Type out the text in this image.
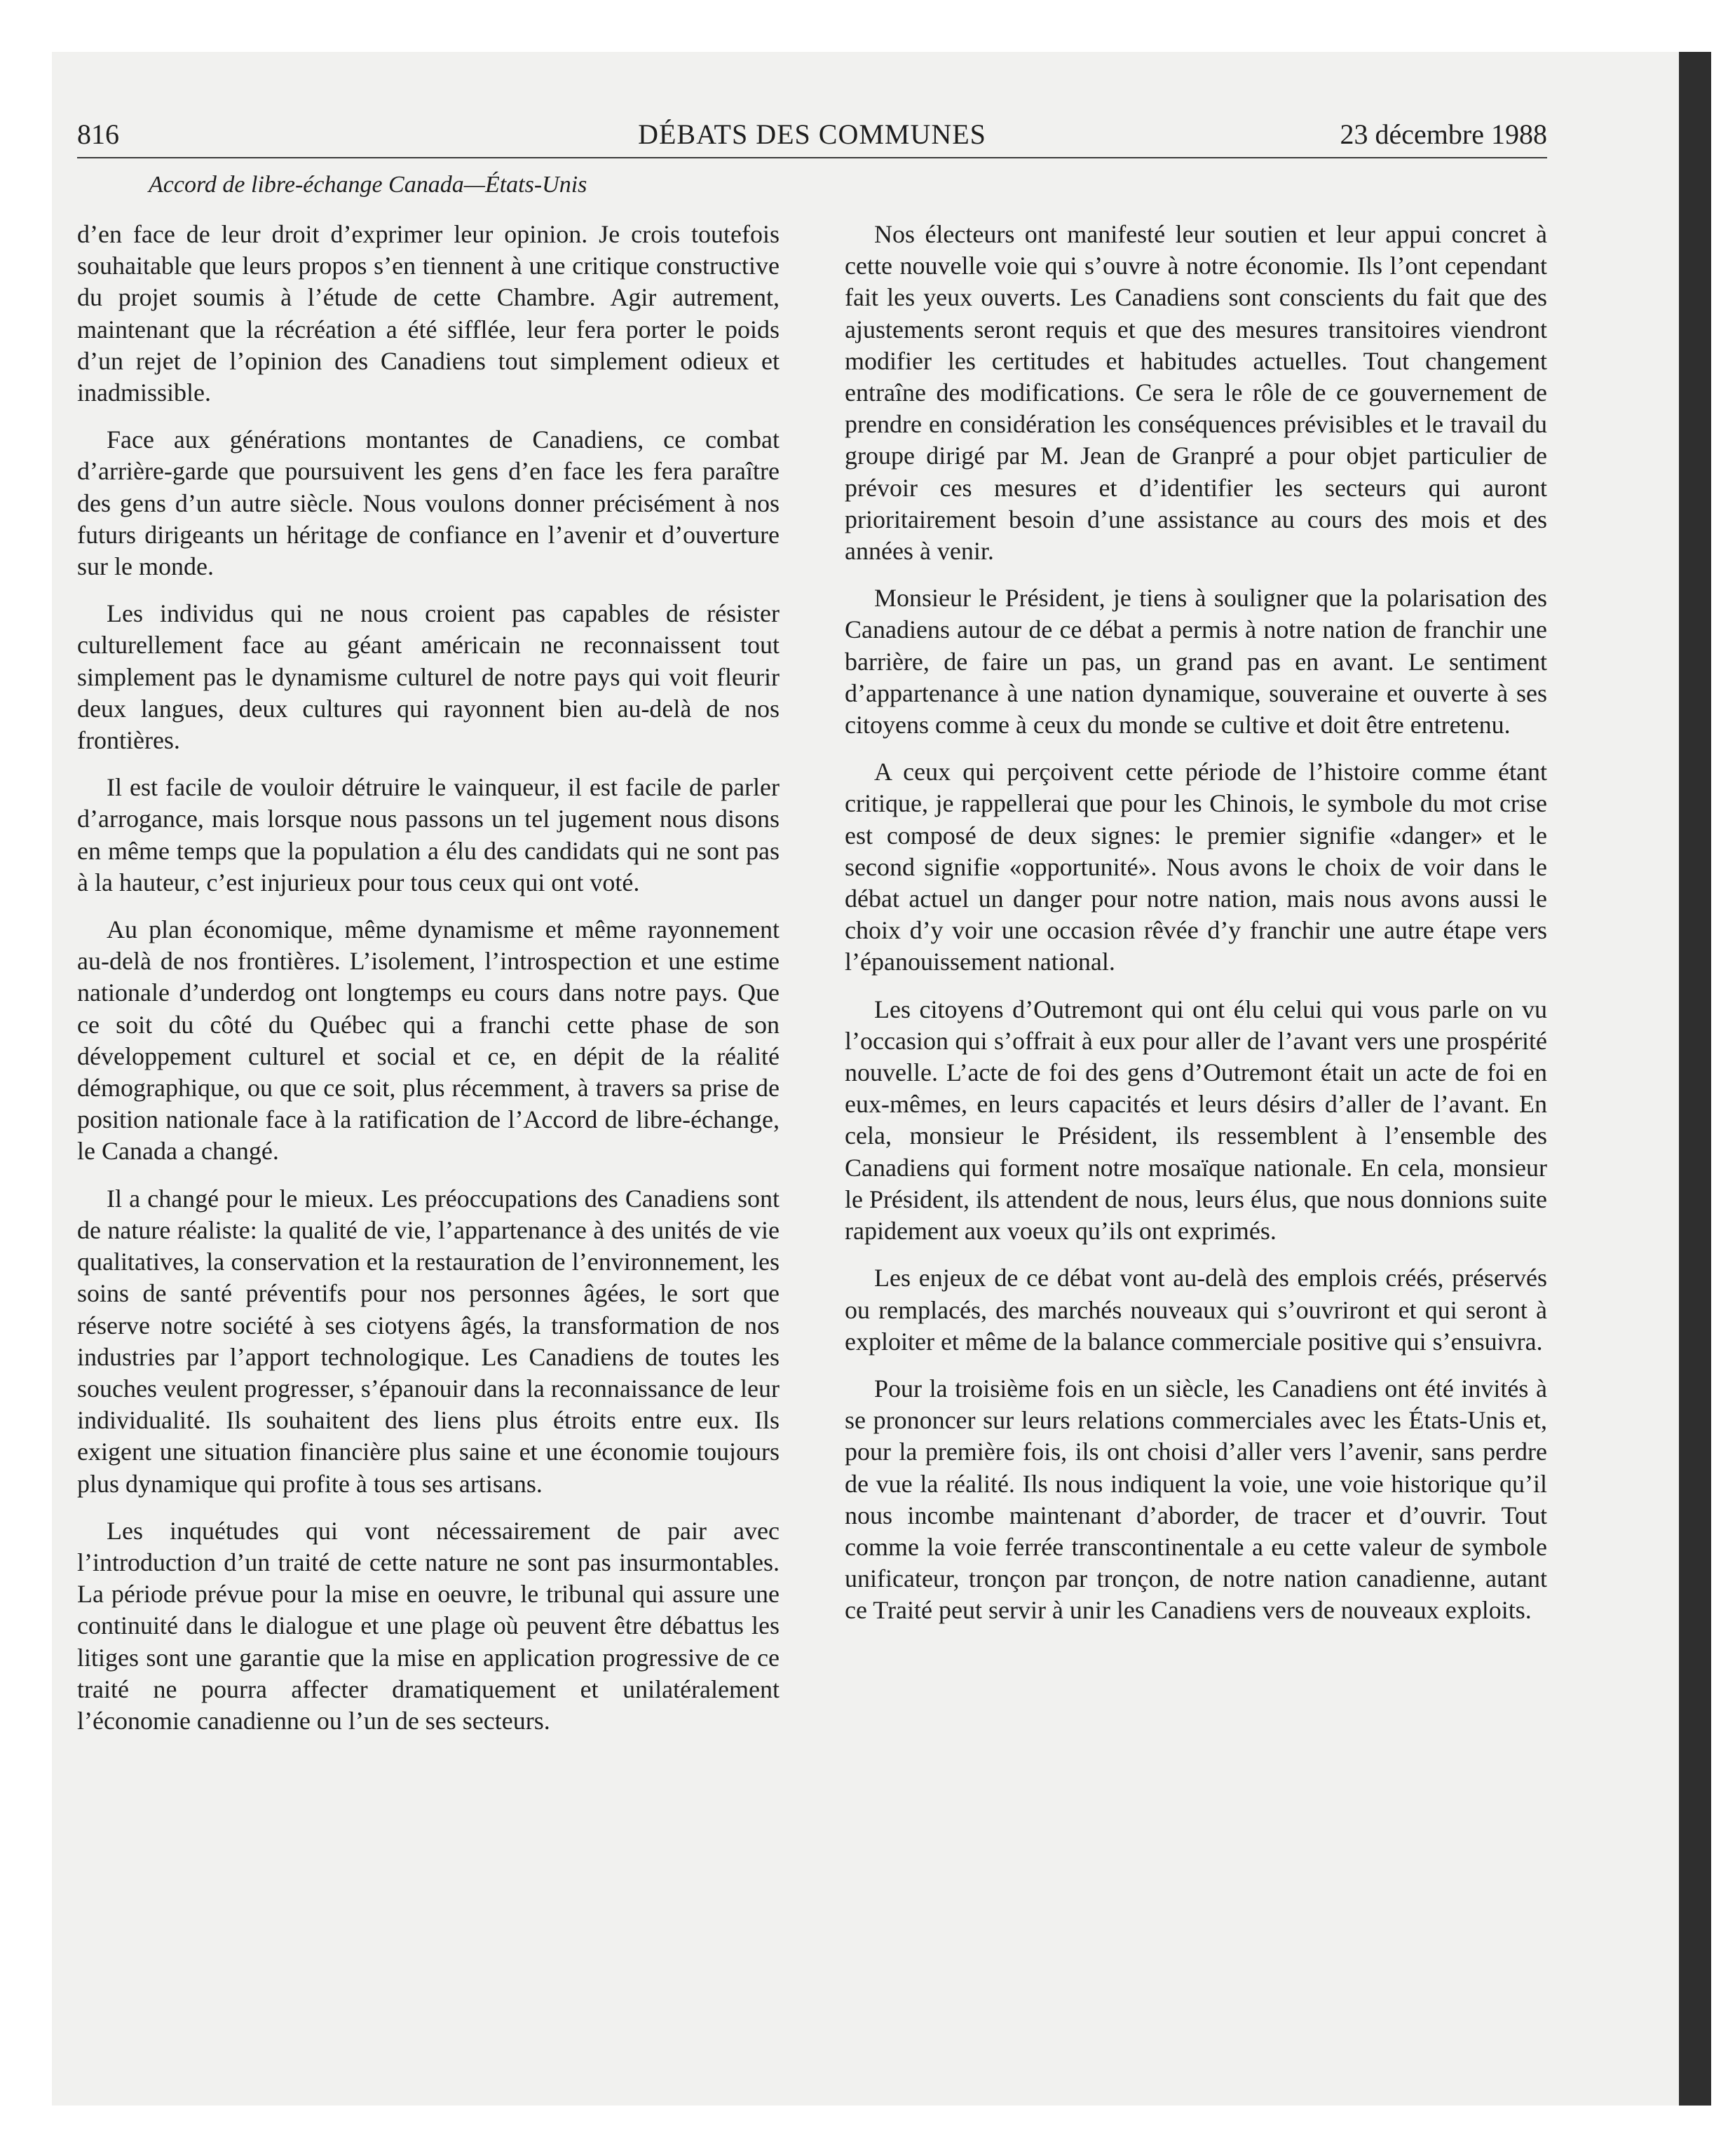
DÉBATS DES COMMUNES
816	23 décembre 1988
Accord de libre-échange Canada—États-Unis

d’en face de leur droit d’exprimer leur opinion. Je crois toutefois souhaitable que leurs propos s’en tiennent à une critique constructive du projet soumis à l’étude de cette Chambre. Agir autrement, maintenant que la récréation a été sifflée, leur fera porter le poids d’un rejet de l’opinion des Canadiens tout simplement odieux et inadmissible.

Face aux générations montantes de Canadiens, ce combat d’arrière-garde que poursuivent les gens d’en face les fera paraître des gens d’un autre siècle. Nous voulons donner précisément à nos futurs dirigeants un héritage de confiance en l’avenir et d’ouverture sur le monde.

Les individus qui ne nous croient pas capables de résister culturellement face au géant américain ne reconnaissent tout simplement pas le dynamisme culturel de notre pays qui voit fleurir deux langues, deux cultures qui rayonnent bien au-delà de nos frontières.

Il est facile de vouloir détruire le vainqueur, il est facile de parler d’arrogance, mais lorsque nous passons un tel jugement nous disons en même temps que la population a élu des candidats qui ne sont pas à la hauteur, c’est injurieux pour tous ceux qui ont voté.

Au plan économique, même dynamisme et même rayonnement au-delà de nos frontières. L’isolement, l’introspection et une estime nationale d’underdog ont longtemps eu cours dans notre pays. Que ce soit du côté du Québec qui a franchi cette phase de son développement culturel et social et ce, en dépit de la réalité démographique, ou que ce soit, plus récemment, à travers sa prise de position nationale face à la ratification de l’Accord de libre-échange, le Canada a changé.

Il a changé pour le mieux. Les préoccupations des Canadiens sont de nature réaliste: la qualité de vie, l’appartenance à des unités de vie qualitatives, la conservation et la restauration de l’environnement, les soins de santé préventifs pour nos personnes âgées, le sort que réserve notre société à ses ciotyens âgés, la transformation de nos industries par l’apport technologique. Les Canadiens de toutes les souches veulent progresser, s’épanouir dans la reconnaissance de leur individualité. Ils souhaitent des liens plus étroits entre eux. Ils exigent une situation financière plus saine et une économie toujours plus dynamique qui profite à tous ses artisans.

Les inquétudes qui vont nécessairement de pair avec l’introduction d’un traité de cette nature ne sont pas insurmontables. La période prévue pour la mise en oeuvre, le tribunal qui assure une continuité dans le dialogue et une plage où peuvent être débattus les litiges sont une garantie que la mise en application progressive de ce traité ne pourra affecter dramatiquement et unilatéralement l’économie canadienne ou l’un de ses secteurs.

Nos électeurs ont manifesté leur soutien et leur appui concret à cette nouvelle voie qui s’ouvre à notre économie. Ils l’ont cependant fait les yeux ouverts. Les Canadiens sont conscients du fait que des ajustements seront requis et que des mesures transitoires viendront modifier les certitudes et habitudes actuelles. Tout changement entraîne des modifications. Ce sera le rôle de ce gouvernement de prendre en considération les conséquences prévisibles et le travail du groupe dirigé par M. Jean de Granpré a pour objet particulier de prévoir ces mesures et d’identifier les secteurs qui auront prioritairement besoin d’une assistance au cours des mois et des années à venir.

Monsieur le Président, je tiens à souligner que la polarisation des Canadiens autour de ce débat a permis à notre nation de franchir une barrière, de faire un pas, un grand pas en avant. Le sentiment d’appartenance à une nation dynamique, souveraine et ouverte à ses citoyens comme à ceux du monde se cultive et doit être entretenu.

A ceux qui perçoivent cette période de l’histoire comme étant critique, je rappellerai que pour les Chinois, le symbole du mot crise est composé de deux signes: le premier signifie «danger» et le second signifie «opportunité». Nous avons le choix de voir dans le débat actuel un danger pour notre nation, mais nous avons aussi le choix d’y voir une occasion rêvée d’y franchir une autre étape vers l’épanouissement national.

Les citoyens d’Outremont qui ont élu celui qui vous parle on vu l’occasion qui s’offrait à eux pour aller de l’avant vers une prospérité nouvelle. L’acte de foi des gens d’Outremont était un acte de foi en eux-mêmes, en leurs capacités et leurs désirs d’aller de l’avant. En cela, monsieur le Président, ils ressemblent à l’ensemble des Canadiens qui forment notre mosaïque nationale. En cela, monsieur le Président, ils attendent de nous, leurs élus, que nous donnions suite rapidement aux voeux qu’ils ont exprimés.

Les enjeux de ce débat vont au-delà des emplois créés, préservés ou remplacés, des marchés nouveaux qui s’ouvriront et qui seront à exploiter et même de la balance commerciale positive qui s’ensuivra.

Pour la troisième fois en un siècle, les Canadiens ont été invités à se prononcer sur leurs relations commerciales avec les États-Unis et, pour la première fois, ils ont choisi d’aller vers l’avenir, sans perdre de vue la réalité. Ils nous indiquent la voie, une voie historique qu’il nous incombe maintenant d’aborder, de tracer et d’ouvrir. Tout comme la voie ferrée transcontinentale a eu cette valeur de symbole unificateur, tronçon par tronçon, de notre nation canadienne, autant ce Traité peut servir à unir les Canadiens vers de nouveaux exploits.
